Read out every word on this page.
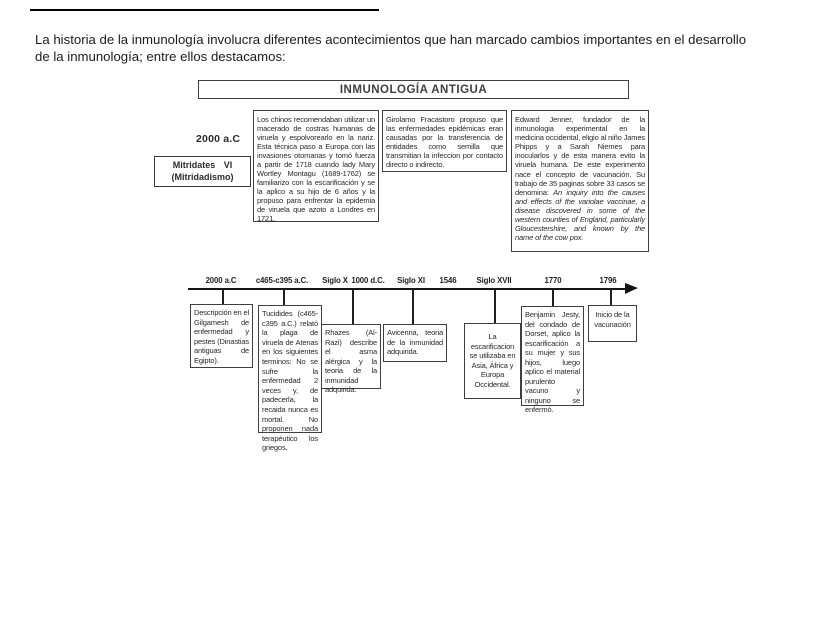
La historia de la inmunología involucra diferentes acontecimientos que han marcado cambios importantes en el desarrollo
de la inmunología; entre ellos destacamos:
INMUNOLOGÍA ANTIGUA
2000 a.C
Mitridates VI
(Mitridadismo)
Los chinos recomendaban utilizar un macerado de costras humanas de viruela y espolvorearlo en la nariz. Esta técnica paso a Europa con las invasiones otomanas y tomó fuerza a partir de 1718 cuando lady Mary Wortley Montagu (1689-1762) se familiarizo con la escarificación y se la aplico a su hijo de 6 años y la propuso para enfrentar la epidemia de viruela que azoto a Londres en 1721.
Girolamo Fracastoro propuso que las enfermedades epidémicas eran causadas por la transferencia de entidades como semilla que transmitian la infeccion por contacto directo o indirecto.
Edward Jenner, fundador de la inmunologia experimental en la medicina occidental, eligio al niño James Phipps y a Sarah Niemes para inocularlos y de esta manera evito la viruela humana. De este experimento nace el concepto de vacunación. Su trabajo de 35 paginas sobre 33 casos se denomina: An inquiry into the causes and effects of the variolae vaccinae, a disease discovered in some of the western counties of England, particularly Gloucestershire, and known by the name of the cow pox.
2000 a.C c465-c395 a.C. Siglo X 1000 d.C. Siglo XI 1546	Siglo XVII	1770	1796
Descripción en el Gilgamesh de enfermedad y pestes (Dinastias antiguas de Egipto).
Tucidides (c465-c395 a.C.) relató la plaga de viruela de Atenas en los siguientes terminos: No se sufre la enfermedad 2 veces y, de padecerla, la recaida nunca es mortal. No proponen nada terapéutico los griegos.
Rhazes (Al-Razi) describe el asma alérgica y la teoria de la inmunidad adquirida.
Avicenna, teoria de la inmunidad adquirida.
La escarificacion se utilizaba en Asia, África y Europa Occidental.
Benjamin Jesty, del condado de Dorset, aplico la escarificación a su mujer y sus hijos, luego aplico el material purulento vacuno y ninguno se enfermó.
Inicio de la vacunación
